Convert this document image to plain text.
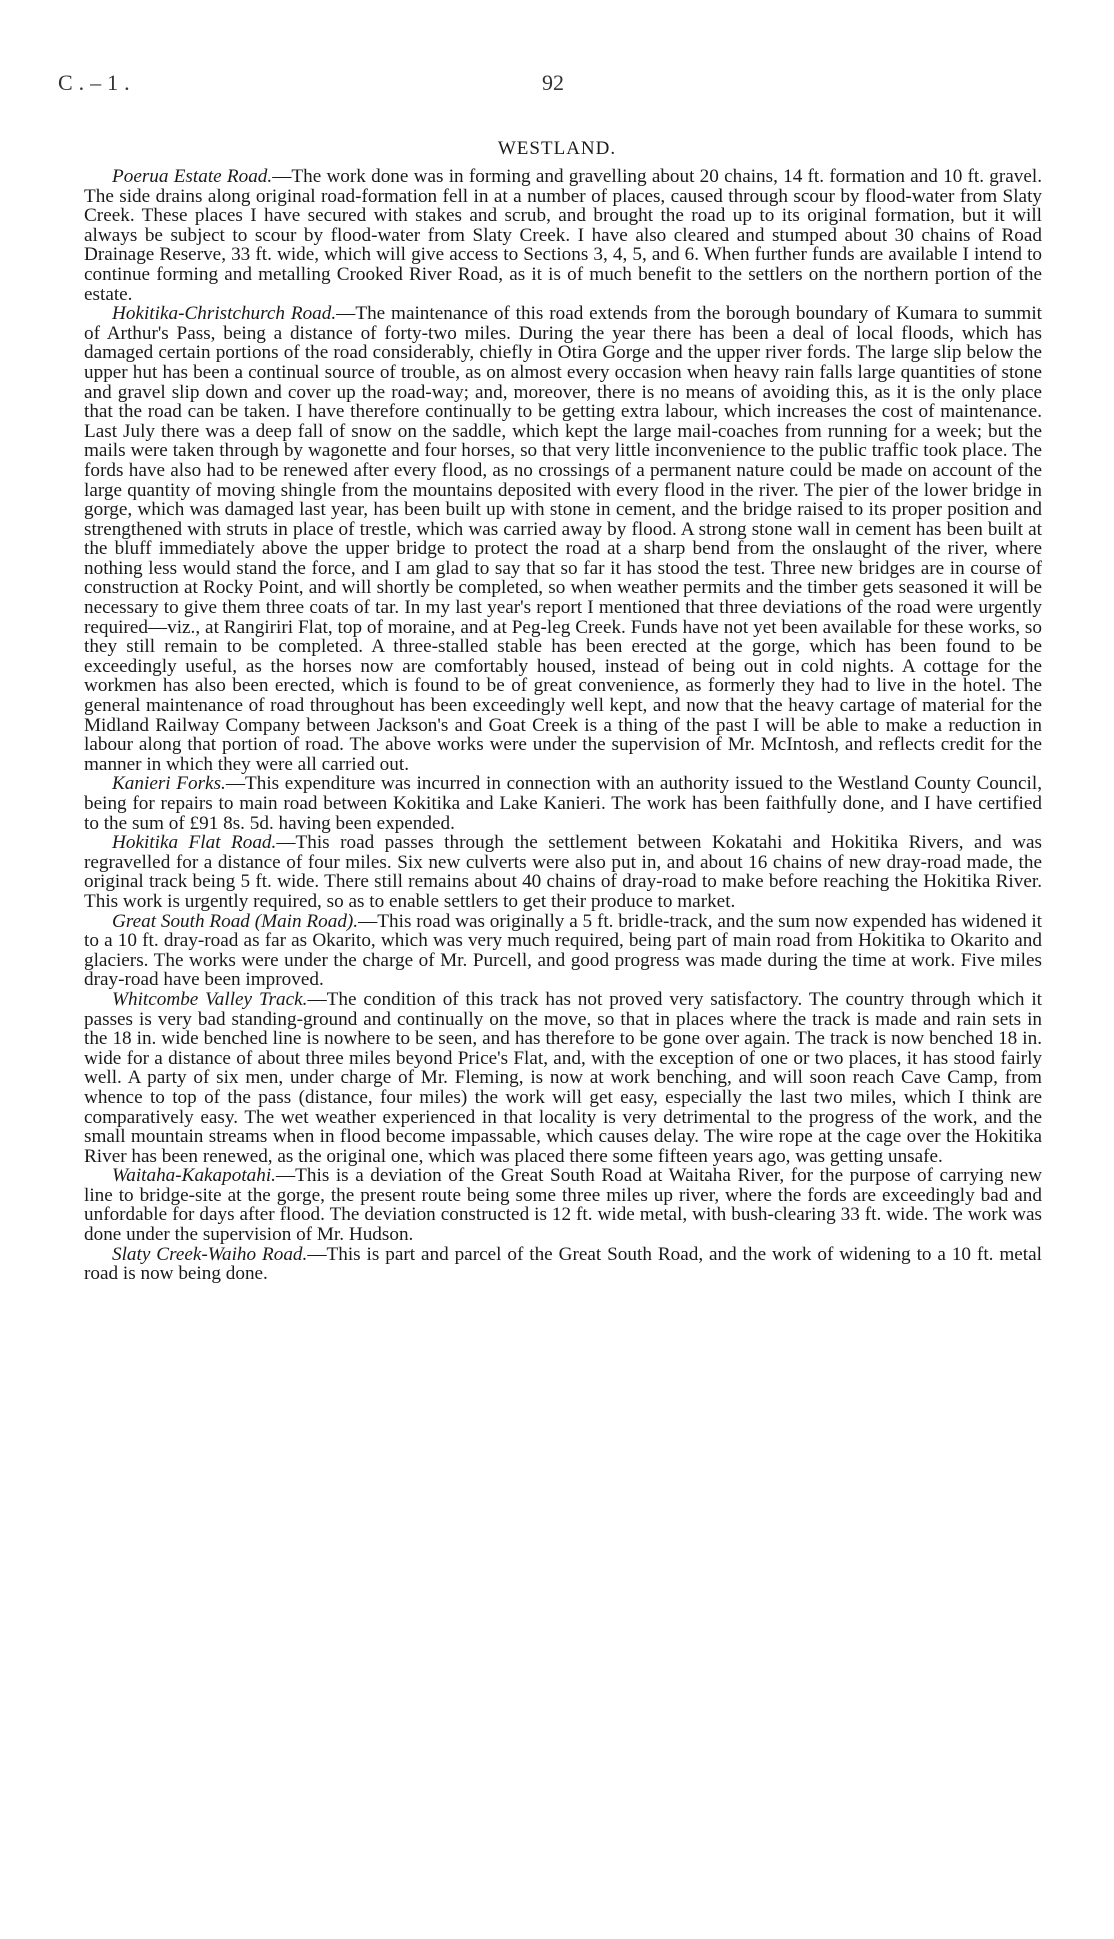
C.–1.	92
WESTLAND.

Poerua Estate Road.—The work done was in forming and gravelling about 20 chains, 14 ft. formation and 10 ft. gravel. The side drains along original road-formation fell in at a number of places, caused through scour by flood-water from Slaty Creek. These places I have secured with stakes and scrub, and brought the road up to its original formation, but it will always be subject to scour by flood-water from Slaty Creek. I have also cleared and stumped about 30 chains of Road Drainage Reserve, 33 ft. wide, which will give access to Sections 3, 4, 5, and 6. When further funds are available I intend to continue forming and metalling Crooked River Road, as it is of much benefit to the settlers on the northern portion of the estate.

Hokitika-Christchurch Road.—The maintenance of this road extends from the borough boundary of Kumara to summit of Arthur's Pass, being a distance of forty-two miles. During the year there has been a deal of local floods, which has damaged certain portions of the road considerably, chiefly in Otira Gorge and the upper river fords. The large slip below the upper hut has been a continual source of trouble, as on almost every occasion when heavy rain falls large quantities of stone and gravel slip down and cover up the road-way; and, moreover, there is no means of avoiding this, as it is the only place that the road can be taken. I have therefore continually to be getting extra labour, which increases the cost of maintenance. Last July there was a deep fall of snow on the saddle, which kept the large mail-coaches from running for a week; but the mails were taken through by wagonette and four horses, so that very little inconvenience to the public traffic took place. The fords have also had to be renewed after every flood, as no crossings of a permanent nature could be made on account of the large quantity of moving shingle from the mountains deposited with every flood in the river. The pier of the lower bridge in gorge, which was damaged last year, has been built up with stone in cement, and the bridge raised to its proper position and strengthened with struts in place of trestle, which was carried away by flood. A strong stone wall in cement has been built at the bluff immediately above the upper bridge to protect the road at a sharp bend from the onslaught of the river, where nothing less would stand the force, and I am glad to say that so far it has stood the test. Three new bridges are in course of construction at Rocky Point, and will shortly be completed, so when weather permits and the timber gets seasoned it will be necessary to give them three coats of tar. In my last year's report I mentioned that three deviations of the road were urgently required—viz., at Rangiriri Flat, top of moraine, and at Peg-leg Creek. Funds have not yet been available for these works, so they still remain to be completed. A three-stalled stable has been erected at the gorge, which has been found to be exceedingly useful, as the horses now are comfortably housed, instead of being out in cold nights. A cottage for the workmen has also been erected, which is found to be of great convenience, as formerly they had to live in the hotel. The general maintenance of road throughout has been exceedingly well kept, and now that the heavy cartage of material for the Midland Railway Company between Jackson's and Goat Creek is a thing of the past I will be able to make a reduction in labour along that portion of road. The above works were under the supervision of Mr. McIntosh, and reflects credit for the manner in which they were all carried out.

Kanieri Forks.—This expenditure was incurred in connection with an authority issued to the Westland County Council, being for repairs to main road between Kokitika and Lake Kanieri. The work has been faithfully done, and I have certified to the sum of £91 8s. 5d. having been expended.

Hokitika Flat Road.—This road passes through the settlement between Kokatahi and Hokitika Rivers, and was regravelled for a distance of four miles. Six new culverts were also put in, and about 16 chains of new dray-road made, the original track being 5 ft. wide. There still remains about 40 chains of dray-road to make before reaching the Hokitika River. This work is urgently required, so as to enable settlers to get their produce to market.

Great South Road (Main Road).—This road was originally a 5 ft. bridle-track, and the sum now expended has widened it to a 10 ft. dray-road as far as Okarito, which was very much required, being part of main road from Hokitika to Okarito and glaciers. The works were under the charge of Mr. Purcell, and good progress was made during the time at work. Five miles dray-road have been improved.

Whitcombe Valley Track.—The condition of this track has not proved very satisfactory. The country through which it passes is very bad standing-ground and continually on the move, so that in places where the track is made and rain sets in the 18 in. wide benched line is nowhere to be seen, and has therefore to be gone over again. The track is now benched 18 in. wide for a distance of about three miles beyond Price's Flat, and, with the exception of one or two places, it has stood fairly well. A party of six men, under charge of Mr. Fleming, is now at work benching, and will soon reach Cave Camp, from whence to top of the pass (distance, four miles) the work will get easy, especially the last two miles, which I think are comparatively easy. The wet weather experienced in that locality is very detrimental to the progress of the work, and the small mountain streams when in flood become impassable, which causes delay. The wire rope at the cage over the Hokitika River has been renewed, as the original one, which was placed there some fifteen years ago, was getting unsafe.

Waitaha-Kakapotahi.—This is a deviation of the Great South Road at Waitaha River, for the purpose of carrying new line to bridge-site at the gorge, the present route being some three miles up river, where the fords are exceedingly bad and unfordable for days after flood. The deviation constructed is 12 ft. wide metal, with bush-clearing 33 ft. wide. The work was done under the supervision of Mr. Hudson.

Slaty Creek-Waiho Road.—This is part and parcel of the Great South Road, and the work of widening to a 10 ft. metal road is now being done.
